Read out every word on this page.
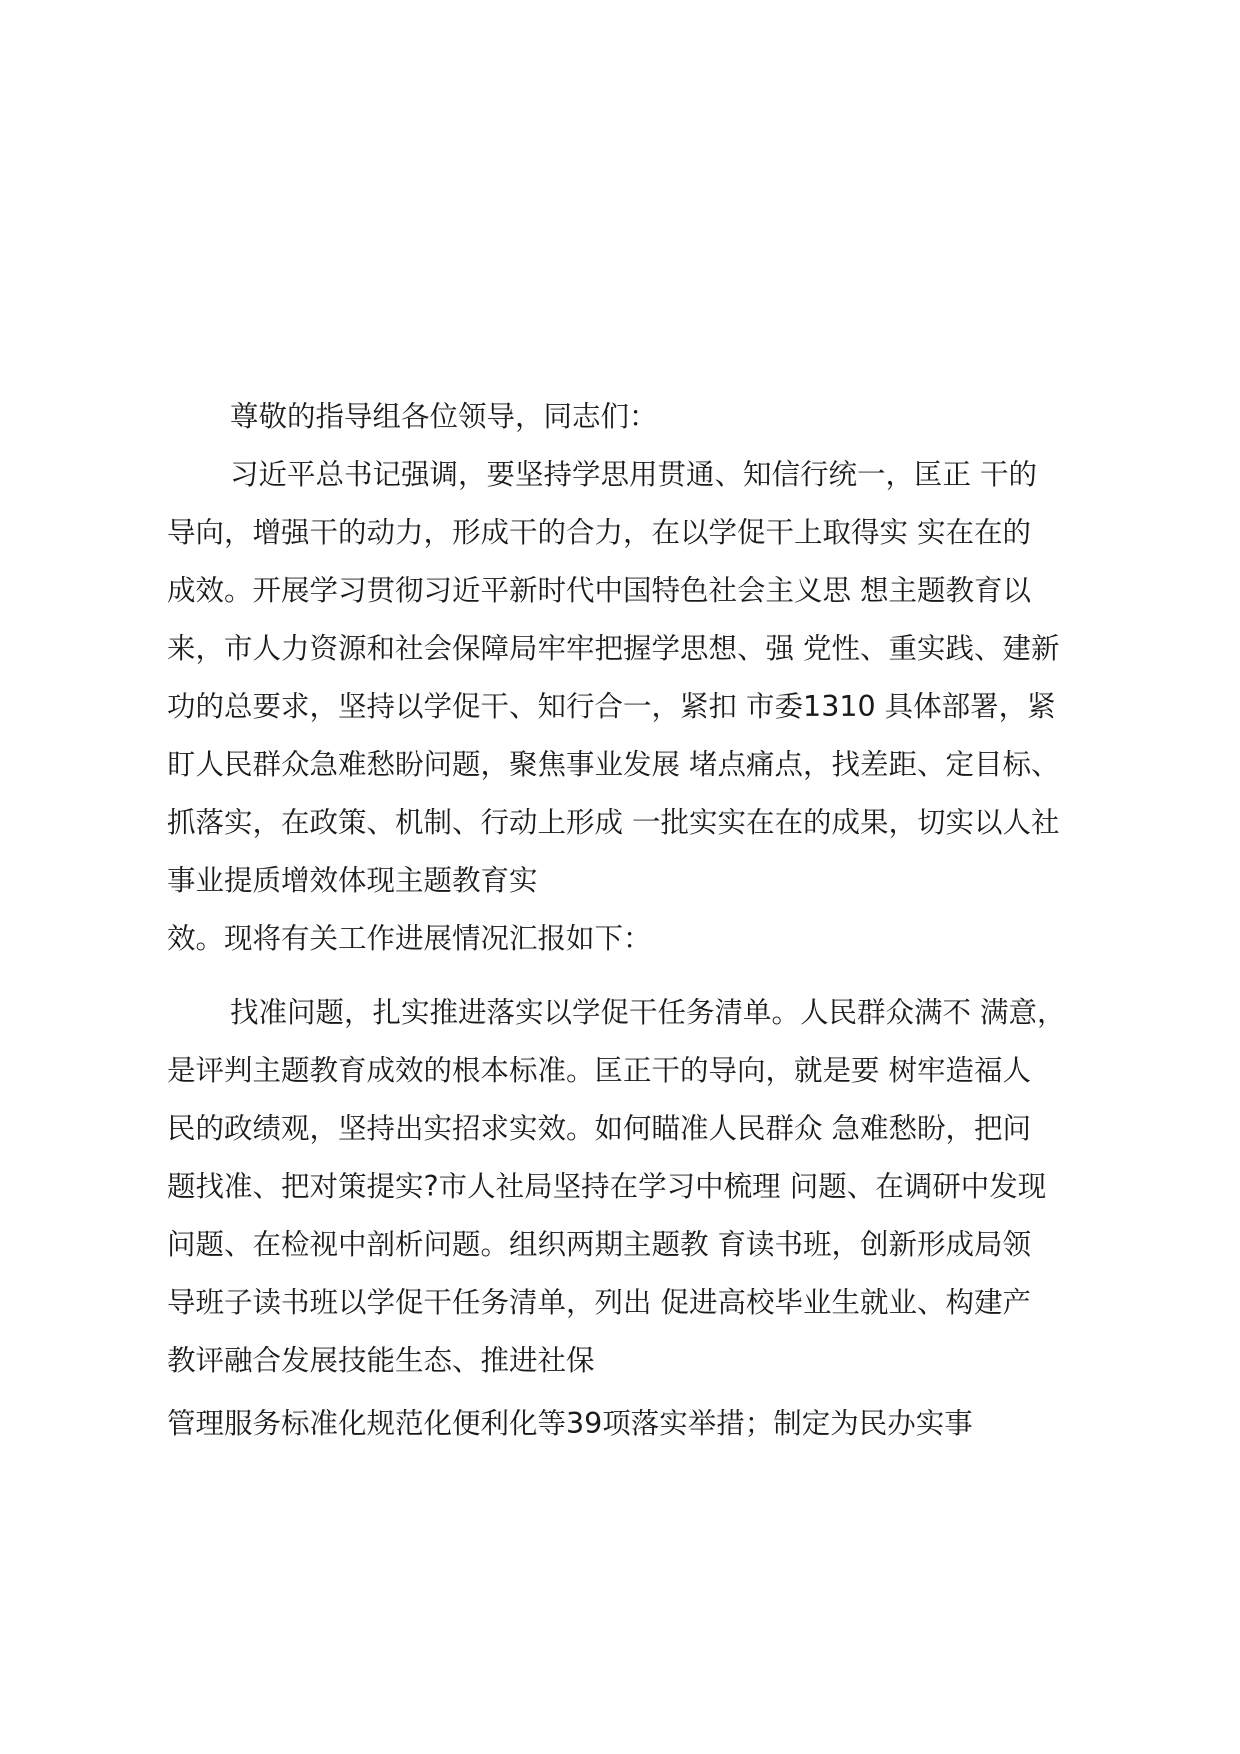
尊敬的指导组各位领导，同志们：
习近平总书记强调，要坚持学思用贯通、知信行统一，匡正 干的
导向，增强干的动力，形成干的合力，在以学促干上取得实 实在在的
成效。开展学习贯彻习近平新时代中国特色社会主义思 想主题教育以
来，市人力资源和社会保障局牢牢把握学思想、强 党性、重实践、建新
功的总要求，坚持以学促干、知行合一，紧扣 市委1310 具体部署，紧
盯人民群众急难愁盼问题，聚焦事业发展 堵点痛点，找差距、定目标、
抓落实，在政策、机制、行动上形成 一批实实在在的成果，切实以人社
事业提质增效体现主题教育实
效。现将有关工作进展情况汇报如下：
找准问题，扎实推进落实以学促干任务清单。人民群众满不 满意，
是评判主题教育成效的根本标准。匡正干的导向，就是要 树牢造福人
民的政绩观，坚持出实招求实效。如何瞄准人民群众 急难愁盼，把问
题找准、把对策提实?市人社局坚持在学习中梳理 问题、在调研中发现
问题、在检视中剖析问题。组织两期主题教 育读书班，创新形成局领
导班子读书班以学促干任务清单，列出 促进高校毕业生就业、构建产
教评融合发展技能生态、推进社保
管理服务标准化规范化便利化等39项落实举措；制定为民办实事
